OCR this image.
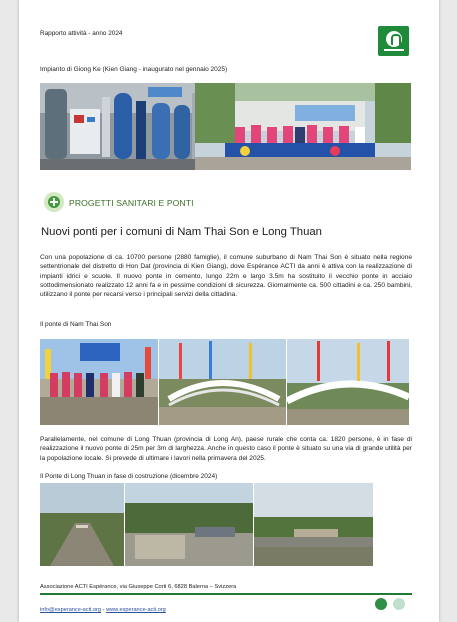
Rapporto attività - anno 2024
Impianto di Giong Ke (Kien Giang - inaugurato nel gennaio 2025)
PROGETTI SANITARI E PONTI
Nuovi ponti per i comuni di Nam Thai Son e Long Thuan
Con una popolazione di ca. 10700 persone (2880 famiglie), il comune suburbano di Nam Thai Son è situato nella regione settentrionale del distretto di Hon Dat (provincia di Kien Giang), dove Espérance ACTI da anni è attiva con la realizzazione di impianti idrici e scuole. Il nuovo ponte in cemento, lungo 22m e largo 3.5m ha sostituito il vecchio ponte in acciaio sottodimensionato realizzato 12 anni fa e in pessime condizioni di sicurezza. Giornalmente ca. 500 cittadini e ca. 250 bambini, utilizzano il ponte per recarsi verso i principali servizi della cittadina.
Il ponte di Nam Thai Son
Parallelamente, nel comune di Long Thuan (provincia di Long An), paese rurale che conta ca. 1820 persone, è in fase di realizzazione il nuovo ponte di 25m per 3m di larghezza. Anche in questo caso il ponte è situato su una via di grande utilità per la popolazione locale. Si prevede di ultimare i lavori nella primavera del 2025.
Il Ponte di Long Thuan in fase di costruzione (dicembre 2024)
Associazione ACTI Espérance, via Giuseppe Corti 6, 6828 Balerna – Svizzera
info@esperance-acti.org - www.esperance-acti.org
